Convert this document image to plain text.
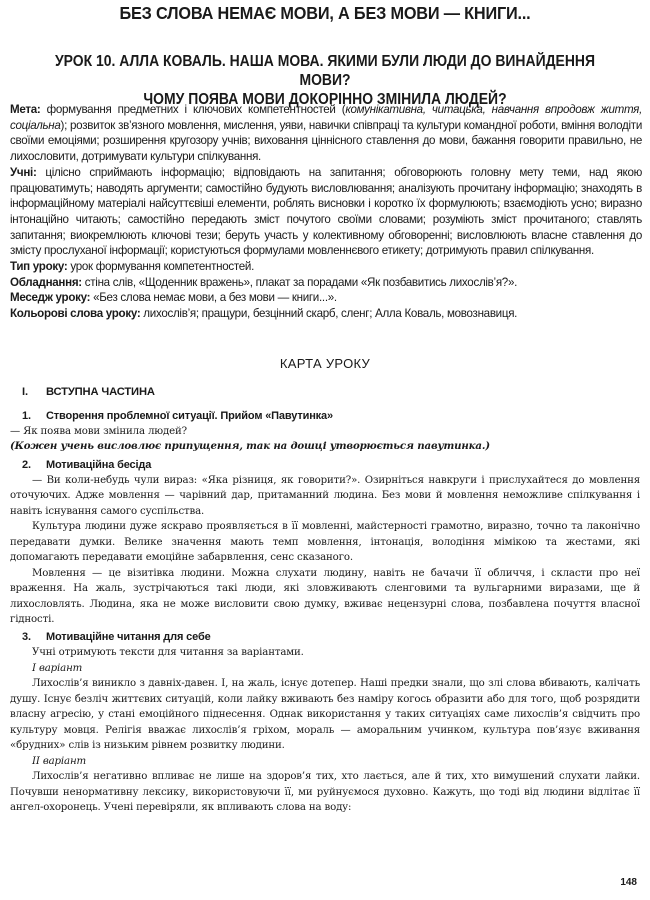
БЕЗ СЛОВА НЕМАЄ МОВИ, А БЕЗ МОВИ — КНИГИ...
УРОК 10. АЛЛА КОВАЛЬ. НАША МОВА. ЯКИМИ БУЛИ ЛЮДИ ДО ВИНАЙДЕННЯ МОВИ?
ЧОМУ ПОЯВА МОВИ ДОКОРІННО ЗМІНИЛА ЛЮДЕЙ?

Мета: формування предметних і ключових компетентностей (комунікативна, читацька, навчання впродовж життя, соціальна); розвиток зв’язного мовлення, мислення, уяви, навички співпраці та культури командної роботи, вміння володіти своїми емоціями; розширення кругозору учнів; виховання ціннісного ставлення до мови, бажання говорити правильно, не лихословити, дотримувати культури спілкування.

Учні: цілісно сприймають інформацію; відповідають на запитання; обговорюють головну мету теми, над якою працюватимуть; наводять аргументи; самостійно будують висловлювання; аналізують прочитану інформацію; знаходять в інформаційному матеріалі найсуттєвіші елементи, роблять висновки і коротко їх формулюють; взаємодіють усно; виразно інтонаційно читають; самостійно передають зміст почутого своїми словами; розуміють зміст прочитаного; ставлять запитання; виокремлюють ключові тези; беруть участь у колективному обговоренні; висловлюють власне ставлення до змісту прослуханої інформації; користуються формулами мовленнєвого етикету; дотримують правил спілкування.

Тип уроку: урок формування компетентностей.

Обладнання: стіна слів, «Щоденник вражень», плакат за порадами «Як позбавитись лихослів’я?».

Меседж уроку: «Без слова немає мови, а без мови — книги...».

Кольорові слова уроку: лихослів’я; пращури, безцінний скарб, сленг; Алла Коваль, мовознавиця.

КАРТА УРОКУ

I. ВСТУПНА ЧАСТИНА

1. Створення проблемної ситуації. Прийом «Павутинка»

— Як поява мови змінила людей?

(Кожен учень висловлює припущення, так на дошці утворюється павутинка.)

2. Мотиваційна бесіда

— Ви коли-небудь чули вираз: «Яка різниця, як говорити?». Озирніться навкруги і прислухайтеся до мовлення оточуючих. Адже мовлення — чарівний дар, притаманний людина. Без мови й мовлення неможливе спілкування і навіть існування самого суспільства.

Культура людини дуже яскраво проявляється в її мовленні, майстерності грамотно, виразно, точно та лаконічно передавати думки. Велике значення мають темп мовлення, інтонація, володіння мімікою та жестами, які допомагають передавати емоційне забарвлення, сенс сказаного.

Мовлення — це візитівка людини. Можна слухати людину, навіть не бачачи її обличчя, і скласти про неї враження. На жаль, зустрічаються такі люди, які зловживають сленговими та вульгарними виразами, ще й лихословлять. Людина, яка не може висловити свою думку, вживає нецензурні слова, позбавлена почуття власної гідності.

3. Мотиваційне читання для себе

Учні отримують тексти для читання за варіантами.

І варіант

Лихослів’я виникло з давніх-давен. І, на жаль, існує дотепер. Наші предки знали, що злі слова вбивають, калічать душу. Існує безліч життєвих ситуацій, коли лайку вживають без наміру когось образити або для того, щоб розрядити власну агресію, у стані емоційного піднесення. Однак використання у таких ситуаціях саме лихослів’я свідчить про культуру мовця. Релігія вважає лихослів’я гріхом, мораль — аморальним учинком, культура пов’язує вживання «брудних» слів із низьким рівнем розвитку людини.

ІІ варіант

Лихослів’я негативно впливає не лише на здоров’я тих, хто лається, але й тих, хто вимушений слухати лайки. Почувши ненормативну лексику, використовуючи її, ми руйнуємося духовно. Кажуть, що тоді від людини відлітає її ангел-охоронець. Учені перевіряли, як впливають слова на воду:

148
